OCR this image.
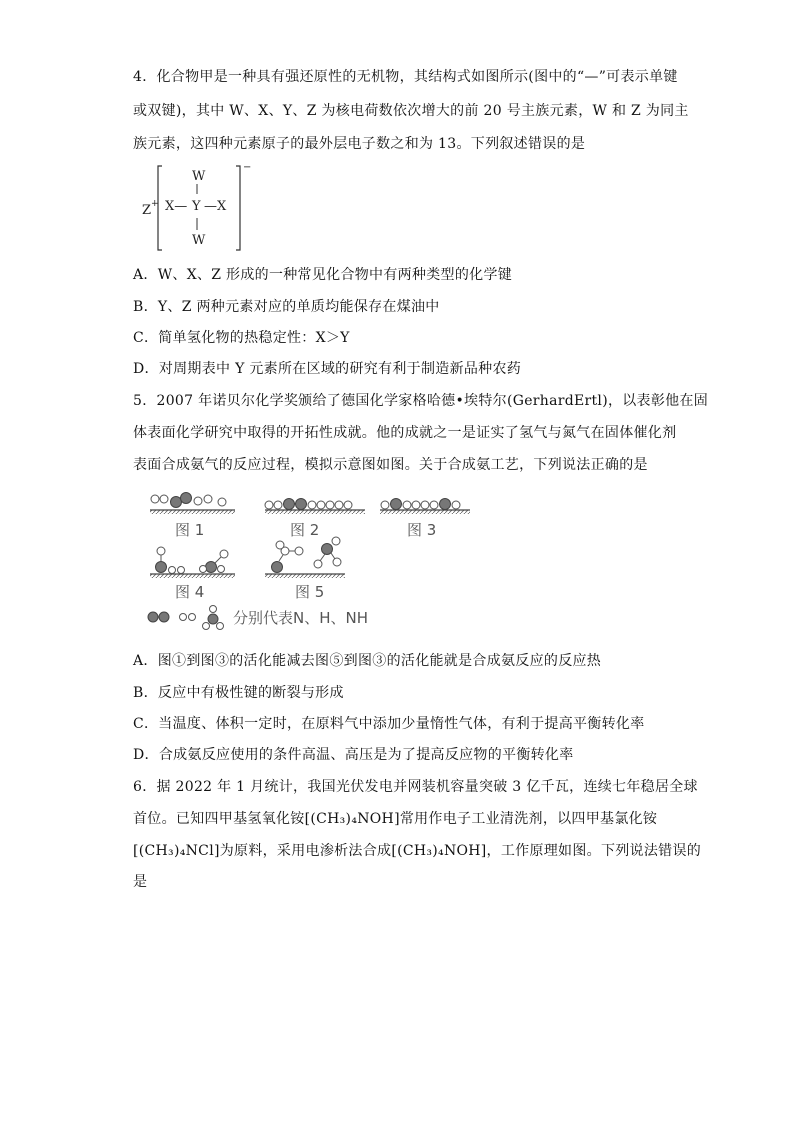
4．化合物甲是一种具有强还原性的无机物，其结构式如图所示(图中的“—”可表示单键
或双键)，其中 W、X、Y、Z 为核电荷数依次增大的前 20 号主族元素，W 和 Z 为同主
族元素，这四种元素原子的最外层电子数之和为 13。下列叙述错误的是
Z +
−
W
X— Y —X
W
A．W、X、Z 形成的一种常见化合物中有两种类型的化学键
B．Y、Z 两种元素对应的单质均能保存在煤油中
C．简单氢化物的热稳定性：X＞Y
D．对周期表中 Y 元素所在区域的研究有利于制造新品种农药
5．2007 年诺贝尔化学奖颁给了德国化学家格哈德•埃特尔(GerhardErtl)，以表彰他在固
体表面化学研究中取得的开拓性成就。他的成就之一是证实了氢气与氮气在固体催化剂
表面合成氨气的反应过程，模拟示意图如图。关于合成氨工艺，下列说法正确的是
图 1	图 2	图 3
图 4	图 5
分别代表N、H、NH
A．图①到图③的活化能减去图⑤到图③的活化能就是合成氨反应的反应热
B．反应中有极性键的断裂与形成
C．当温度、体积一定时，在原料气中添加少量惰性气体，有利于提高平衡转化率
D．合成氨反应使用的条件高温、高压是为了提高反应物的平衡转化率
6．据 2022 年 1 月统计，我国光伏发电并网装机容量突破 3 亿千瓦，连续七年稳居全球
首位。已知四甲基氢氧化铵[(CH₃)₄NOH]常用作电子工业清洗剂，以四甲基氯化铵
[(CH₃)₄NCl]为原料，采用电渗析法合成[(CH₃)₄NOH]，工作原理如图。下列说法错误的
是
